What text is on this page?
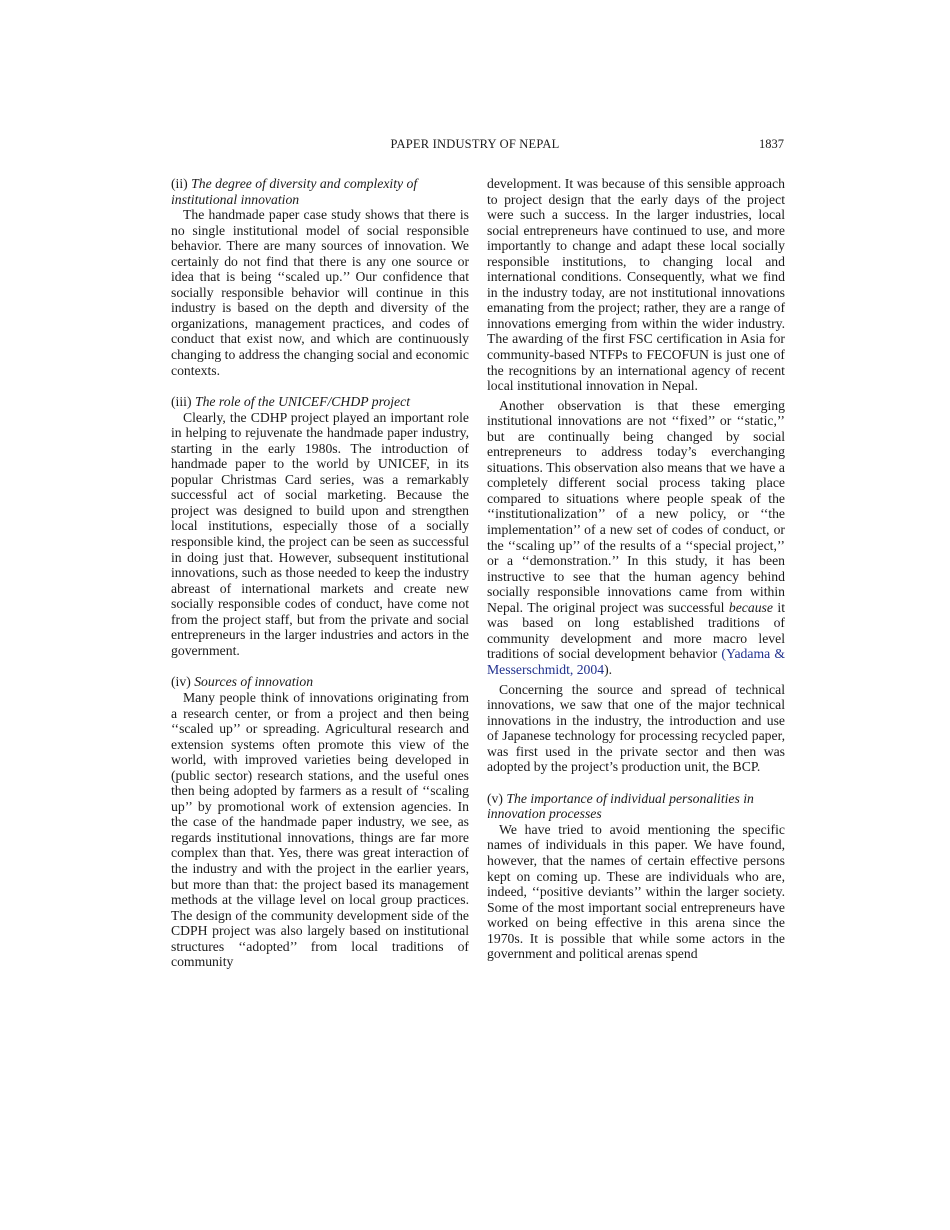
PAPER INDUSTRY OF NEPAL	1837
(ii) The degree of diversity and complexity of institutional innovation

The handmade paper case study shows that there is no single institutional model of social responsible behavior. There are many sources of innovation. We certainly do not find that there is any one source or idea that is being ‘‘scaled up.’’ Our confidence that socially responsible behavior will continue in this industry is based on the depth and diversity of the organizations, management practices, and codes of conduct that exist now, and which are continuously changing to address the changing social and economic contexts.

(iii) The role of the UNICEF/CHDP project

Clearly, the CDHP project played an important role in helping to rejuvenate the handmade paper industry, starting in the early 1980s. The introduction of handmade paper to the world by UNICEF, in its popular Christmas Card series, was a remarkably successful act of social marketing. Because the project was designed to build upon and strengthen local institutions, especially those of a socially responsible kind, the project can be seen as successful in doing just that. However, subsequent institutional innovations, such as those needed to keep the industry abreast of international markets and create new socially responsible codes of conduct, have come not from the project staff, but from the private and social entrepreneurs in the larger industries and actors in the government.

(iv) Sources of innovation

Many people think of innovations originating from a research center, or from a project and then being ‘‘scaled up’’ or spreading. Agricultural research and extension systems often promote this view of the world, with improved varieties being developed in (public sector) research stations, and the useful ones then being adopted by farmers as a result of ‘‘scaling up’’ by promotional work of extension agencies. In the case of the handmade paper industry, we see, as regards institutional innovations, things are far more complex than that. Yes, there was great interaction of the industry and with the project in the earlier years, but more than that: the project based its management methods at the village level on local group practices. The design of the community development side of the CDPH project was also largely based on institutional structures ‘‘adopted’’ from local traditions of community

development. It was because of this sensible approach to project design that the early days of the project were such a success. In the larger industries, local social entrepreneurs have continued to use, and more importantly to change and adapt these local socially responsible institutions, to changing local and international conditions. Consequently, what we find in the industry today, are not institutional innovations emanating from the project; rather, they are a range of innovations emerging from within the wider industry. The awarding of the first FSC certification in Asia for community-based NTFPs to FECOFUN is just one of the recognitions by an international agency of recent local institutional innovation in Nepal.

Another observation is that these emerging institutional innovations are not ‘‘fixed’’ or ‘‘static,’’ but are continually being changed by social entrepreneurs to address today’s everchanging situations. This observation also means that we have a completely different social process taking place compared to situations where people speak of the ‘‘institutionalization’’ of a new policy, or ‘‘the implementation’’ of a new set of codes of conduct, or the ‘‘scaling up’’ of the results of a ‘‘special project,’’ or a ‘‘demonstration.’’ In this study, it has been instructive to see that the human agency behind socially responsible innovations came from within Nepal. The original project was successful because it was based on long established traditions of community development and more macro level traditions of social development behavior (Yadama & Messerschmidt, 2004).

Concerning the source and spread of technical innovations, we saw that one of the major technical innovations in the industry, the introduction and use of Japanese technology for processing recycled paper, was first used in the private sector and then was adopted by the project’s production unit, the BCP.

(v) The importance of individual personalities in innovation processes

We have tried to avoid mentioning the specific names of individuals in this paper. We have found, however, that the names of certain effective persons kept on coming up. These are individuals who are, indeed, ‘‘positive deviants’’ within the larger society. Some of the most important social entrepreneurs have worked on being effective in this arena since the 1970s. It is possible that while some actors in the government and political arenas spend
